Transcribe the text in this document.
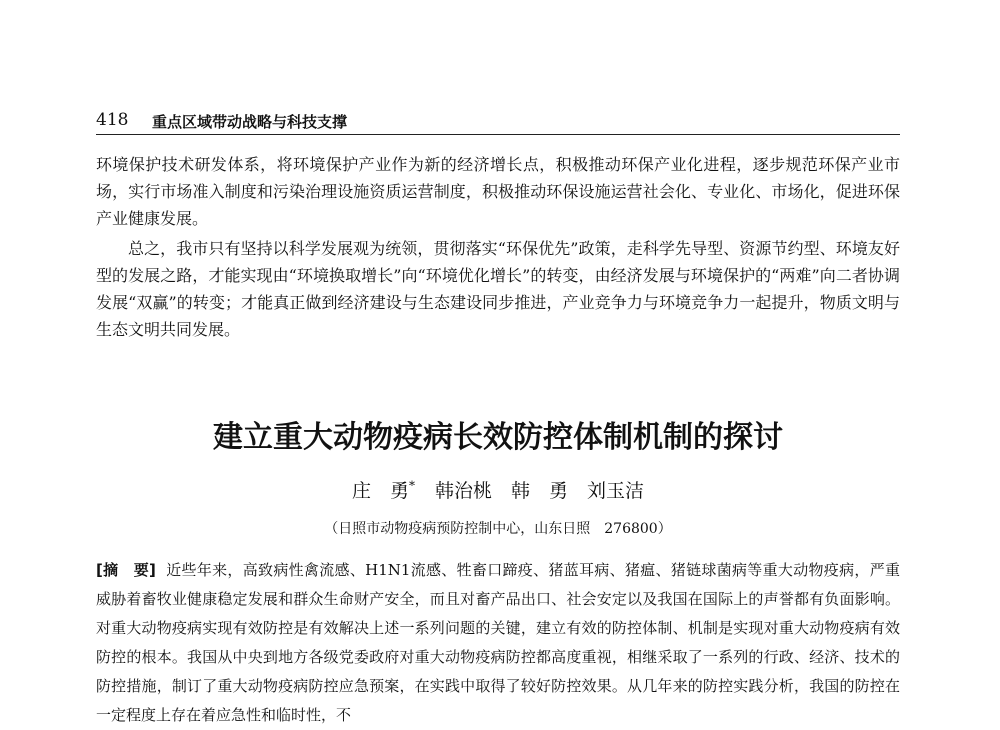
418 重点区域带动战略与科技支撑

环境保护技术研发体系，将环境保护产业作为新的经济增长点，积极推动环保产业化进程，逐步规范环保产业市场，实行市场准入制度和污染治理设施资质运营制度，积极推动环保设施运营社会化、专业化、市场化，促进环保产业健康发展。

总之，我市只有坚持以科学发展观为统领，贯彻落实“环保优先”政策，走科学先导型、资源节约型、环境友好型的发展之路，才能实现由“环境换取增长”向“环境优化增长”的转变，由经济发展与环境保护的“两难”向二者协调发展“双赢”的转变；才能真正做到经济建设与生态建设同步推进，产业竞争力与环境竞争力一起提升，物质文明与生态文明共同发展。

建立重大动物疫病长效防控体制机制的探讨
庄　勇* 韩治桃　韩　勇　刘玉洁
（日照市动物疫病预防控制中心，山东日照　276800）

[摘　要] 近些年来，高致病性禽流感、H1N1流感、牲畜口蹄疫、猪蓝耳病、猪瘟、猪链球菌病等重大动物疫病，严重威胁着畜牧业健康稳定发展和群众生命财产安全，而且对畜产品出口、社会安定以及我国在国际上的声誉都有负面影响。对重大动物疫病实现有效防控是有效解决上述一系列问题的关键，建立有效的防控体制、机制是实现对重大动物疫病有效防控的根本。我国从中央到地方各级党委政府对重大动物疫病防控都高度重视，相继采取了一系列的行政、经济、技术的防控措施，制订了重大动物疫病防控应急预案，在实践中取得了较好防控效果。从几年来的防控实践分析，我国的防控在一定程度上存在着应急性和临时性，不
